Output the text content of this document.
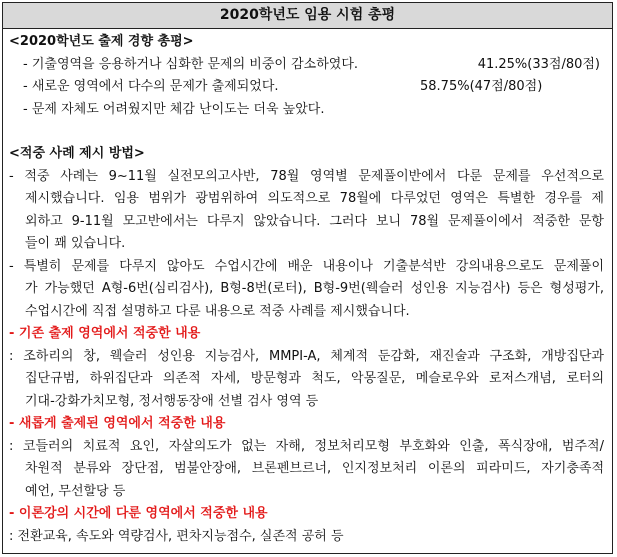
2020학년도 임용 시험 총평

<2020학년도 출제 경향 총평>

- 기출영역을 응용하거나 심화한 문제의 비중이 감소하였다.	41.25%(33점/80점)

- 새로운 영역에서 다수의 문제가 출제되었다.	58.75%(47점/80점)

- 문제 자체도 어려웠지만 체감 난이도는 더욱 높았다.

<적중 사례 제시 방법>

- 적중 사례는 9~11월 실전모의고사반, 78월 영역별 문제풀이반에서 다룬 문제를 우선적으로

제시했습니다. 임용 범위가 광범위하여 의도적으로 78월에 다루었던 영역은 특별한 경우를 제

외하고 9-11월 모고반에서는 다루지 않았습니다. 그러다 보니 78월 문제풀이에서 적중한 문항

들이 꽤 있습니다.

- 특별히 문제를 다루지 않아도 수업시간에 배운 내용이나 기출분석반 강의내용으로도 문제풀이

가 가능했던 A형-6번(심리검사), B형-8번(로터), B형-9번(웩슬러 성인용 지능검사) 등은 형성평가,

수업시간에 직접 설명하고 다룬 내용으로 적중 사례를 제시했습니다.

- 기존 출제 영역에서 적중한 내용

: 조하리의 창, 웩슬러 성인용 지능검사, MMPI-A, 체계적 둔감화, 재진술과 구조화, 개방집단과

집단규범, 하위집단과 의존적 자세, 방문형과 척도, 악몽질문, 메슬로우와 로저스개념, 로터의

기대-강화가치모형, 정서행동장애 선별 검사 영역 등

- 새롭게 출제된 영역에서 적중한 내용

: 코들러의 치료적 요인, 자살의도가 없는 자해, 정보처리모형 부호화와 인출, 폭식장애, 범주적/

차원적 분류와 장단점, 범불안장애, 브론펜브르너, 인지정보처리 이론의 피라미드, 자기충족적

예언, 무선할당 등

- 이론강의 시간에 다룬 영역에서 적중한 내용

: 전환교육, 속도와 역량검사, 편차지능점수, 실존적 공허 등
